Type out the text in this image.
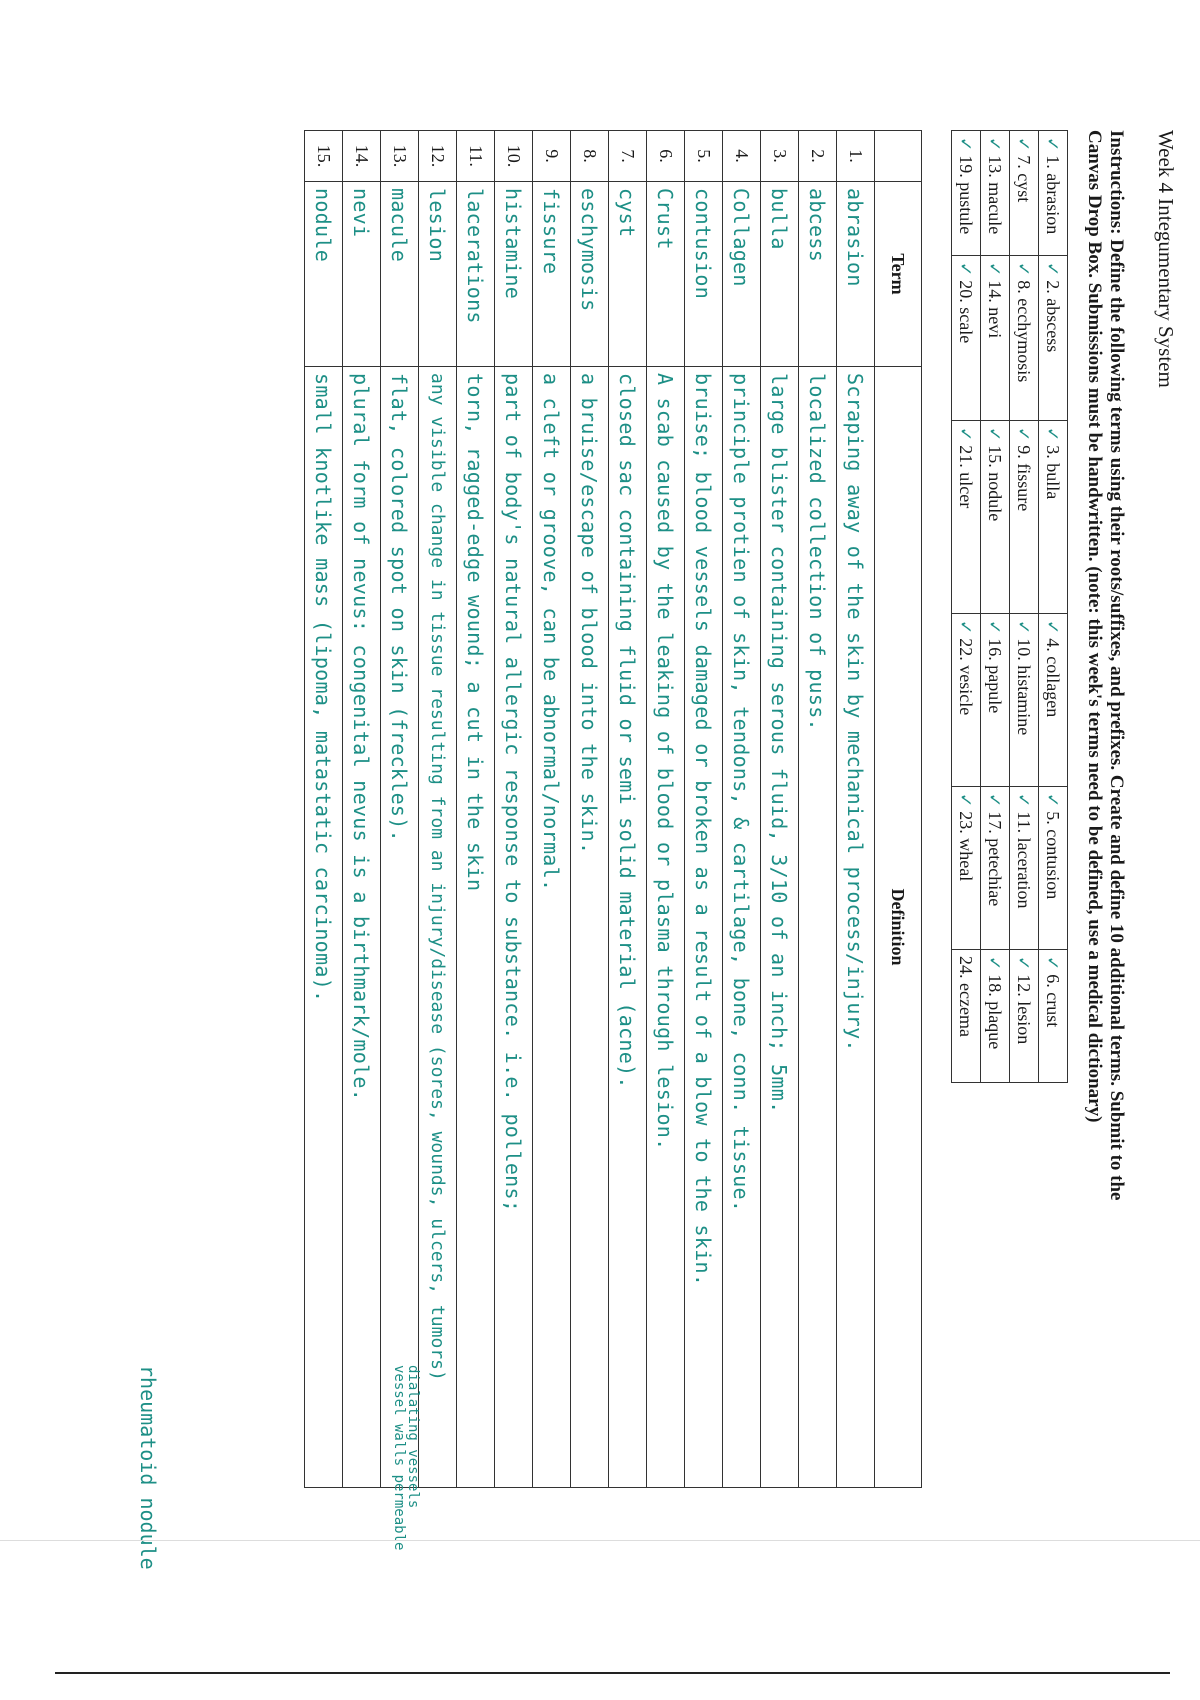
Week 4 Integumentary System
Instructions: Define the following terms using their roots/suffixes, and prefixes. Create and define 10 additional terms. Submit to the Canvas Drop Box. Submissions must be handwritten. (note: this week's terms need to be defined, use a medical dictionary)
✓1. abrasion	✓2. abscess	✓3. bulla	✓4. collagen	✓5. contusion	✓6. crust
✓7. cyst	✓8. ecchymosis	✓9. fissure	✓10. histamine	✓11. laceration	✓12. lesion
✓13. macule	✓14. nevi	✓15. nodule	✓16. papule	✓17. petechiae	✓18. plaque
✓19. pustule	✓20. scale	✓21. ulcer	✓22. vesicle	✓23. wheal	24. eczema
	Term	Definition
1.	abrasion	Scraping away of the skin by mechanical process/injury.
2.	abcess	localized collection of puss.
3.	bulla	large blister containing serous fluid, 3/10 of an inch; 5mm.
4.	Collagen	principle protien of skin, tendons, & cartilage, bone, conn. tissue.
5.	contusion	bruise; blood vessels damaged or broken as a result of a blow to the skin.
6.	Crust	A scab caused by the leaking of blood or plasma through lesion.
7.	cyst	closed sac containing fluid or semi solid material (acne).
8.	eschymosis	a bruise/escape of blood into the skin.
9.	fissure	a cleft or groove, can be abnormal/normal.
10.	histamine	part of body's natural allergic response to substance. i.e. pollens;
11.	lacerations	torn, ragged-edge wound; a cut in the skin
12.	lesion	any visible change in tissue resulting from an injury/disease (sores, wounds, ulcers, tumors)
13.	macule	flat, colored spot on skin (freckles).
14.	nevi	plural form of nevus: congenital nevus is a birthmark/mole.
15.	nodule	small knotlike mass (lipoma, matastatic carcinoma).
dialating vessels
vessel walls permeable
rheumatoid nodule
